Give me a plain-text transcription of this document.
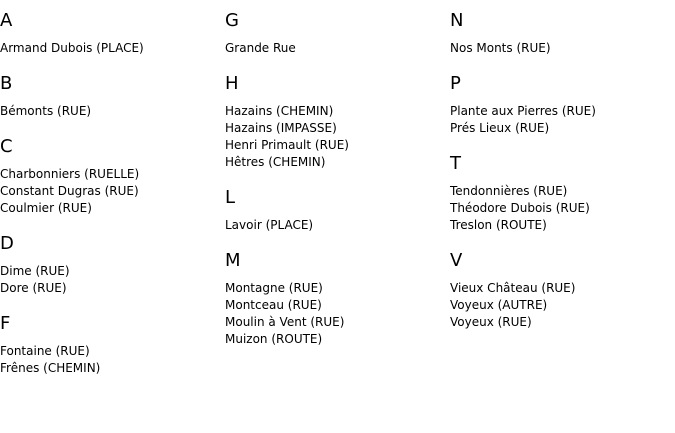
A
Armand Dubois (PLACE)
B
Bémonts (RUE)
C
Charbonniers (RUELLE)
Constant Dugras (RUE)
Coulmier (RUE)
D
Dime (RUE)
Dore (RUE)
F
Fontaine (RUE)
Frênes (CHEMIN)
G
Grande Rue
H
Hazains (CHEMIN)
Hazains (IMPASSE)
Henri Primault (RUE)
Hêtres (CHEMIN)
L
Lavoir (PLACE)
M
Montagne (RUE)
Montceau (RUE)
Moulin à Vent (RUE)
Muizon (ROUTE)
N
Nos Monts (RUE)
P
Plante aux Pierres (RUE)
Prés Lieux (RUE)
T
Tendonnières (RUE)
Théodore Dubois (RUE)
Treslon (ROUTE)
V
Vieux Château (RUE)
Voyeux (AUTRE)
Voyeux (RUE)
